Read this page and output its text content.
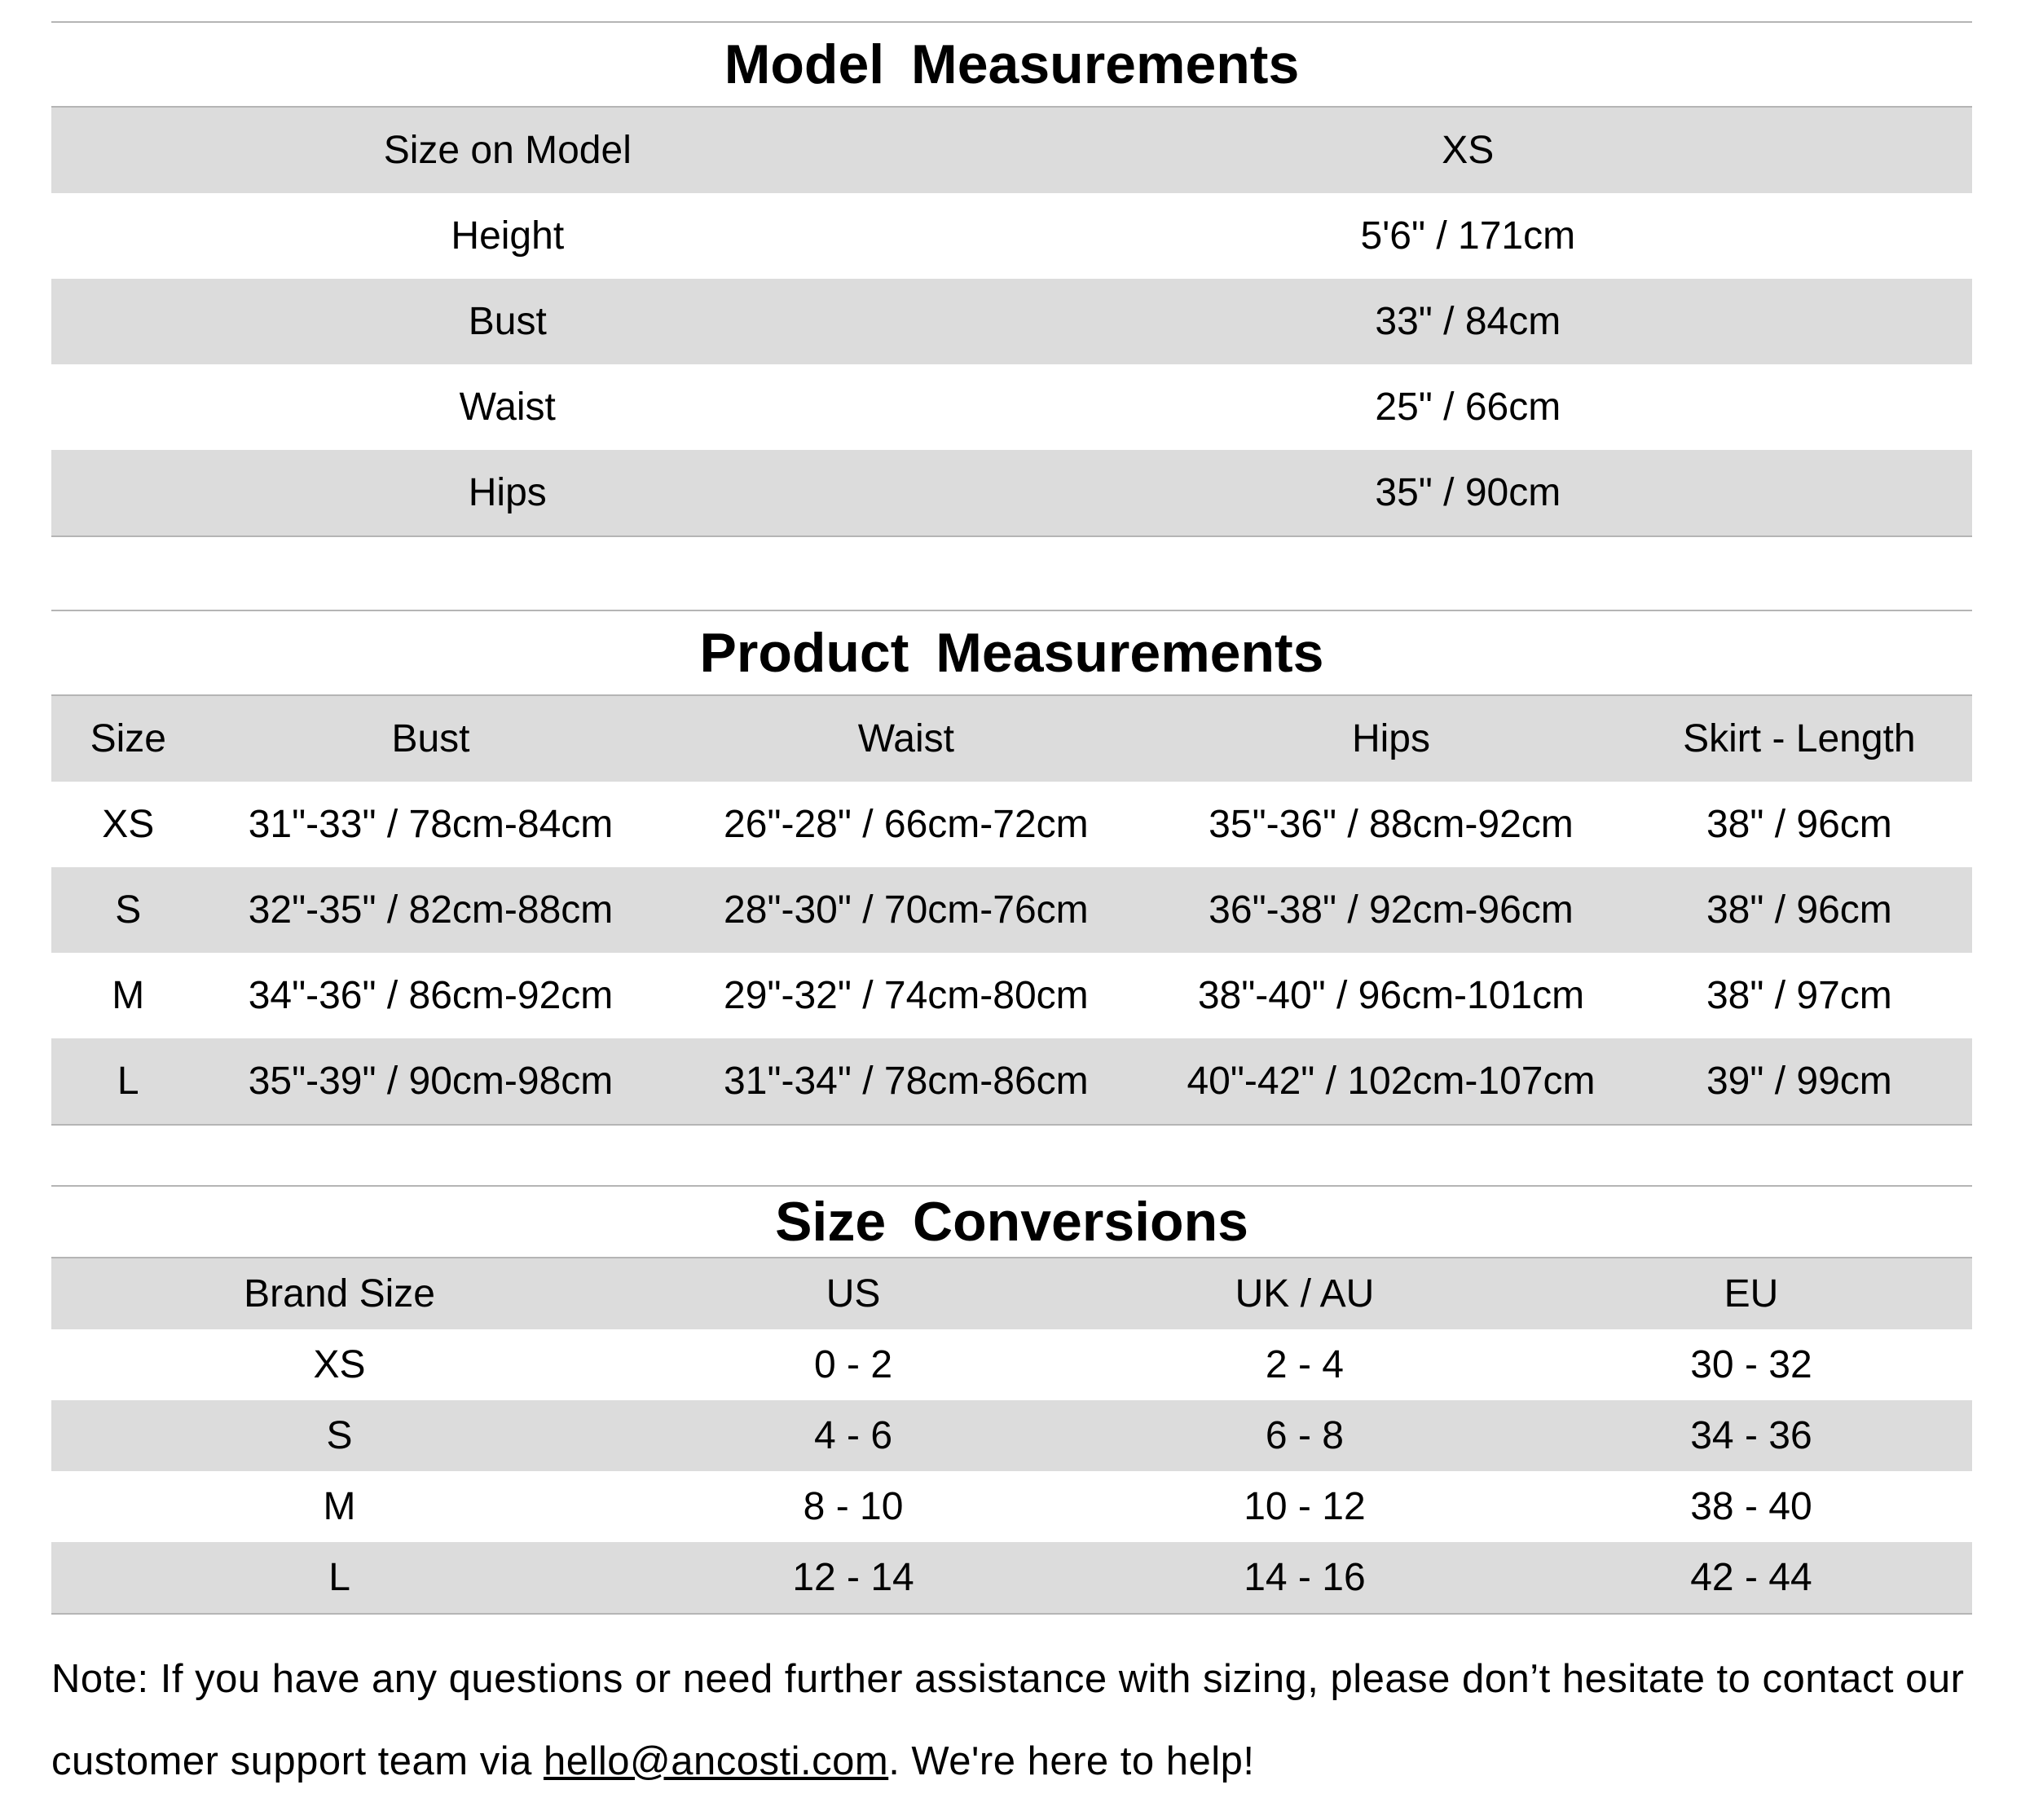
Model Measurements
Size on Model	XS
Height	5'6" / 171cm
Bust	33" / 84cm
Waist	25" / 66cm
Hips	35" / 90cm
Product Measurements
Size	Bust	Waist	Hips	Skirt - Length
XS	31"-33" / 78cm-84cm	26"-28" / 66cm-72cm	35"-36" / 88cm-92cm	38" / 96cm
S	32"-35" / 82cm-88cm	28"-30" / 70cm-76cm	36"-38" / 92cm-96cm	38" / 96cm
M	34"-36" / 86cm-92cm	29"-32" / 74cm-80cm	38"-40" / 96cm-101cm	38" / 97cm
L	35"-39" / 90cm-98cm	31"-34" / 78cm-86cm	40"-42" / 102cm-107cm	39" / 99cm
Size Conversions
Brand Size	US	UK / AU	EU
XS	0 - 2	2 - 4	30 - 32
S	4 - 6	6 - 8	34 - 36
M	8 - 10	10 - 12	38 - 40
L	12 - 14	14 - 16	42 - 44
Note: If you have any questions or need further assistance with sizing, please don’t hesitate to contact our customer support team via hello@ancosti.com. We're here to help!
